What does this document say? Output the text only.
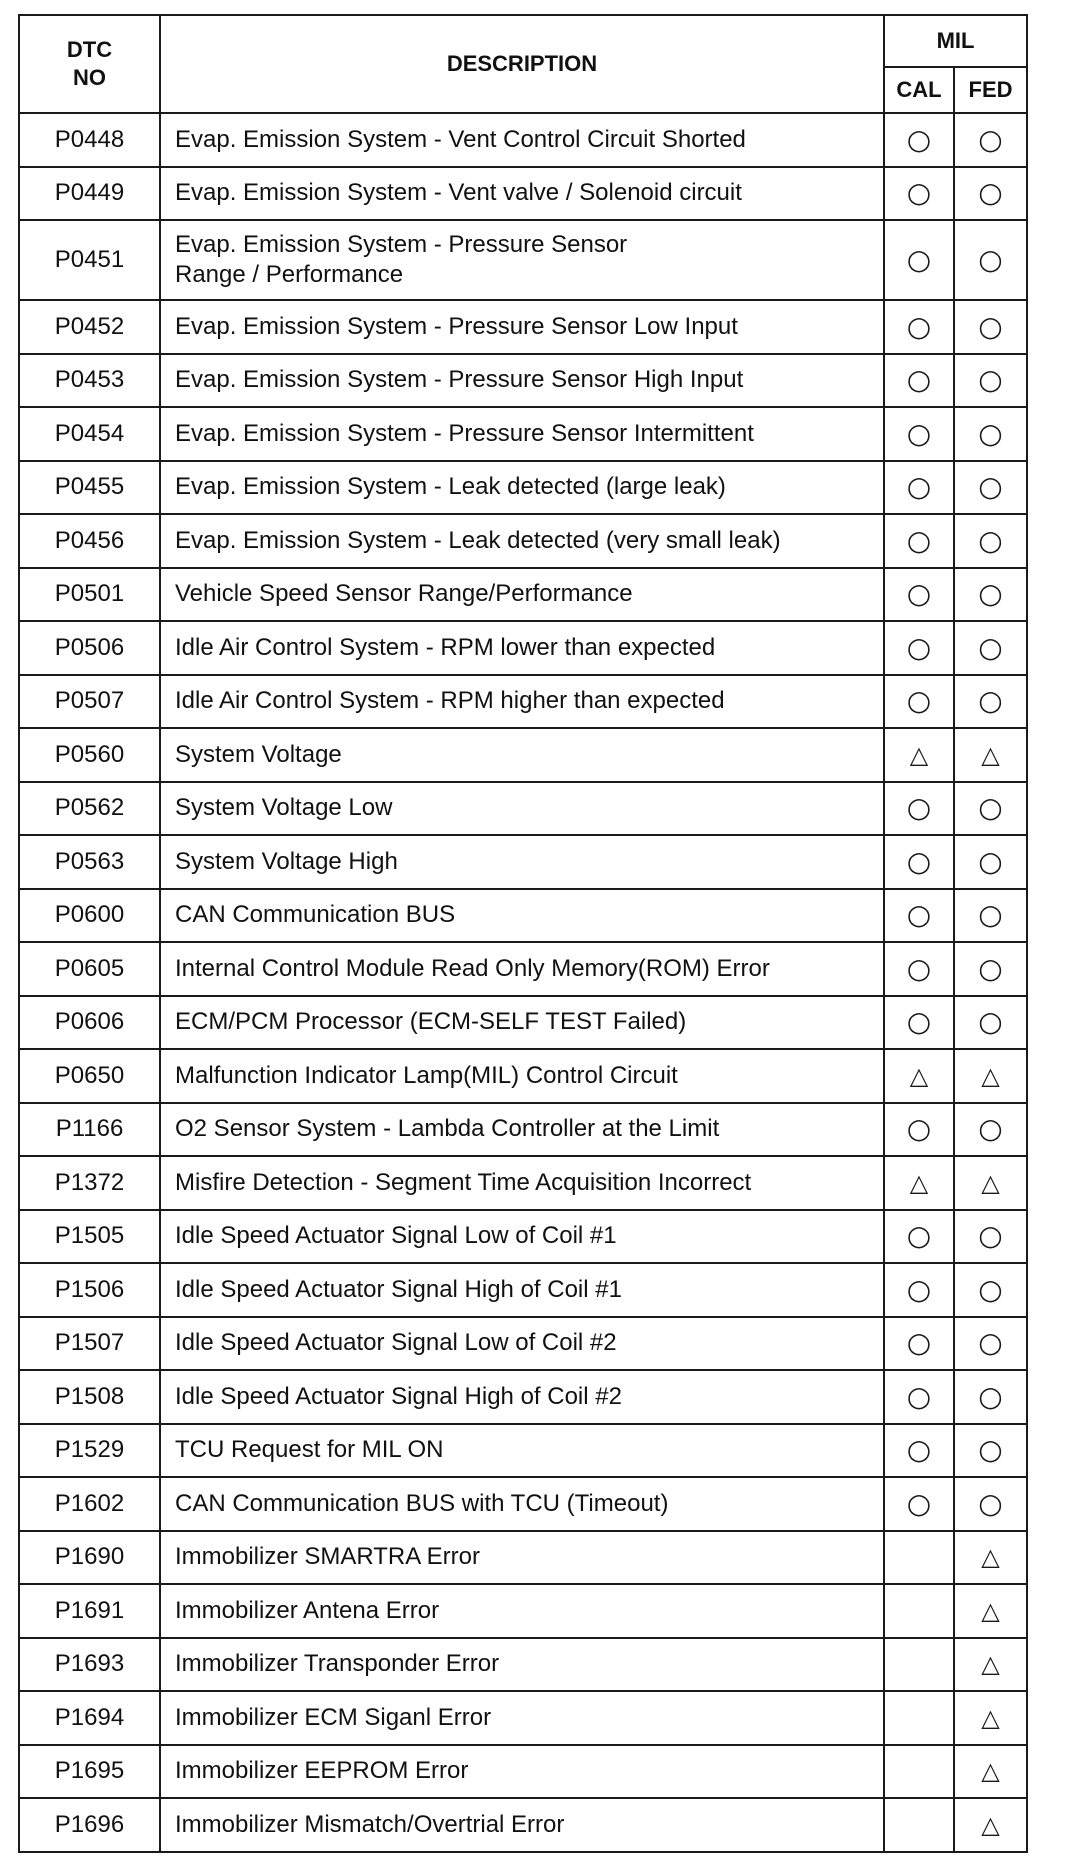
DTC
NO	DESCRIPTION	MIL	
		CAL	FED
P0448	Evap. Emission System - Vent Control Circuit Shorted	○	○
P0449	Evap. Emission System - Vent valve / Solenoid circuit	○	○
P0451	Evap. Emission System - Pressure Sensor
Range / Performance	○	○
P0452	Evap. Emission System - Pressure Sensor Low Input	○	○
P0453	Evap. Emission System - Pressure Sensor High Input	○	○
P0454	Evap. Emission System - Pressure Sensor Intermittent	○	○
P0455	Evap. Emission System - Leak detected (large leak)	○	○
P0456	Evap. Emission System - Leak detected (very small leak)	○	○
P0501	Vehicle Speed Sensor Range/Performance	○	○
P0506	Idle Air Control System - RPM lower than expected	○	○
P0507	Idle Air Control System - RPM higher than expected	○	○
P0560	System Voltage	△	△
P0562	System Voltage Low	○	○
P0563	System Voltage High	○	○
P0600	CAN Communication BUS	○	○
P0605	Internal Control Module Read Only Memory(ROM) Error	○	○
P0606	ECM/PCM Processor (ECM-SELF TEST Failed)	○	○
P0650	Malfunction Indicator Lamp(MIL) Control Circuit	△	△
P1166	O2 Sensor System - Lambda Controller at the Limit	○	○
P1372	Misfire Detection - Segment Time Acquisition Incorrect	△	△
P1505	Idle Speed Actuator Signal Low of Coil #1	○	○
P1506	Idle Speed Actuator Signal High of Coil #1	○	○
P1507	Idle Speed Actuator Signal Low of Coil #2	○	○
P1508	Idle Speed Actuator Signal High of Coil #2	○	○
P1529	TCU Request for MIL ON	○	○
P1602	CAN Communication BUS with TCU (Timeout)	○	○
P1690	Immobilizer SMARTRA Error		△
P1691	Immobilizer Antena Error		△
P1693	Immobilizer Transponder Error		△
P1694	Immobilizer ECM Siganl Error		△
P1695	Immobilizer EEPROM Error		△
P1696	Immobilizer Mismatch/Overtrial Error		△
